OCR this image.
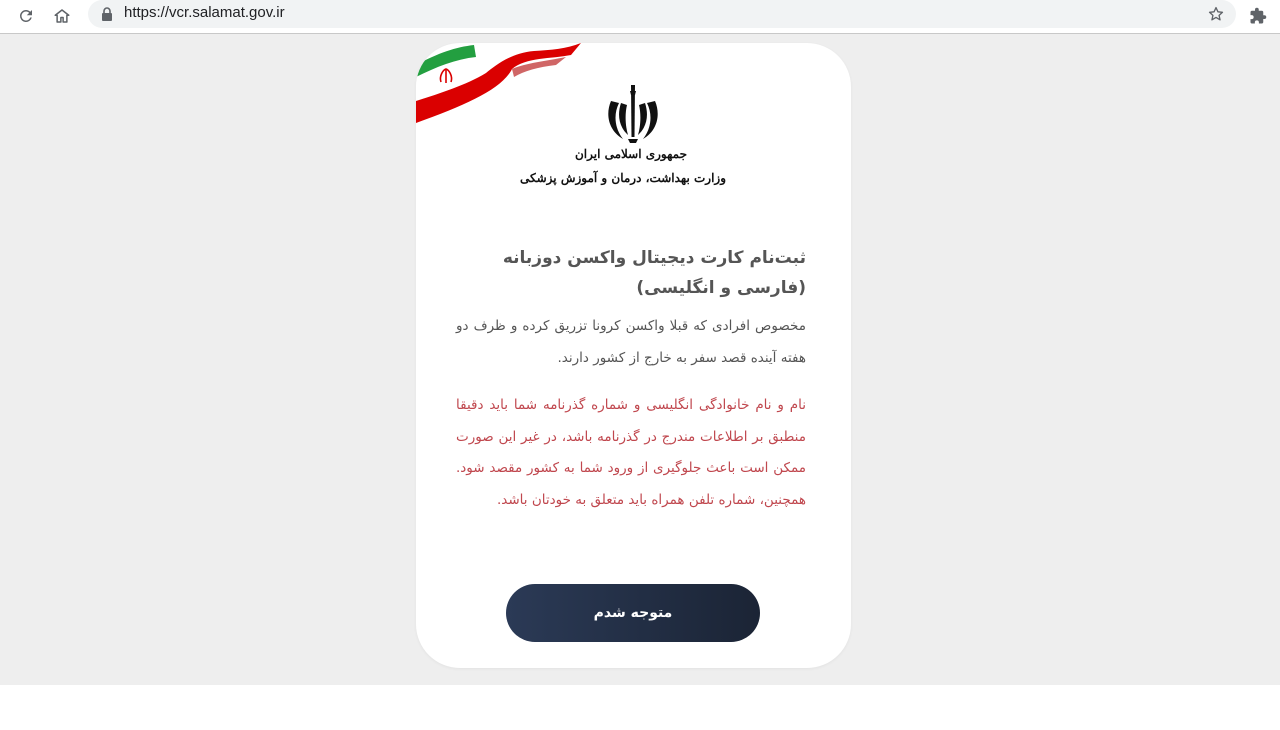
https://vcr.salamat.gov.ir
جمهوری اسلامی ایران
وزارت بهداشت، درمان و آموزش پزشکی
ثبت‌نام کارت دیجیتال واکسن دوزبانه (فارسی و انگلیسی)
مخصوص افرادی که قبلا واکسن کرونا تزریق کرده و ظرف دو هفته آینده قصد سفر به خارج از کشور دارند.
نام و نام خانوادگی انگلیسی و شماره گذرنامه شما باید دقیقا منطبق بر اطلاعات مندرج در گذرنامه باشد، در غیر این صورت ممکن است باعث جلوگیری از ورود شما به کشور مقصد شود. همچنین، شماره تلفن همراه باید متعلق به خودتان باشد.
متوجه شدم
